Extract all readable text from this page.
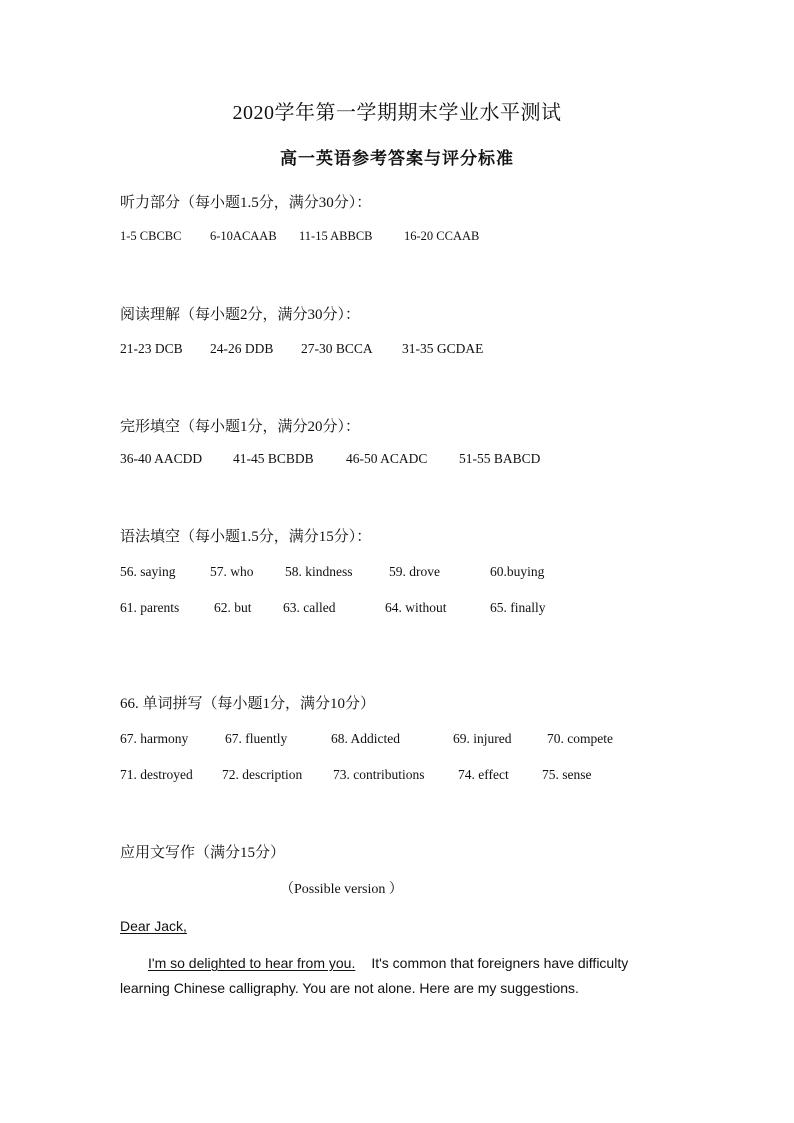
2020学年第一学期期末学业水平测试
高一英语参考答案与评分标准
听力部分（每小题1.5分，满分30分）：
1-5 CBCBC 6-10ACAAB 11-15 ABBCB	16-20 CCAAB
阅读理解（每小题2分，满分30分）：
21-23 DCB 24-26 DDB 27-30 BCCA 31-35 GCDAE
完形填空（每小题1分，满分20分）：
36-40 AACDD 41-45 BCBDB 46-50 ACADC 51-55 BABCD
语法填空（每小题1.5分，满分15分）：
56. saying	57. who 58. kindness	59. drove	60.buying
61. parents	62. but 63. called	64. without	65. finally
66. 单词拼写（每小题1分，满分10分）
67. harmony	67. fluently	68. Addicted	69. injured	70. compete
71. destroyed 72. description 73. contributions 74. effect 75. sense
应用文写作（满分15分）
（Possible version ）
Dear Jack,
I'm so delighted to hear from you. It's common that foreigners have difficulty
learning Chinese calligraphy. You are not alone. Here are my suggestions.
